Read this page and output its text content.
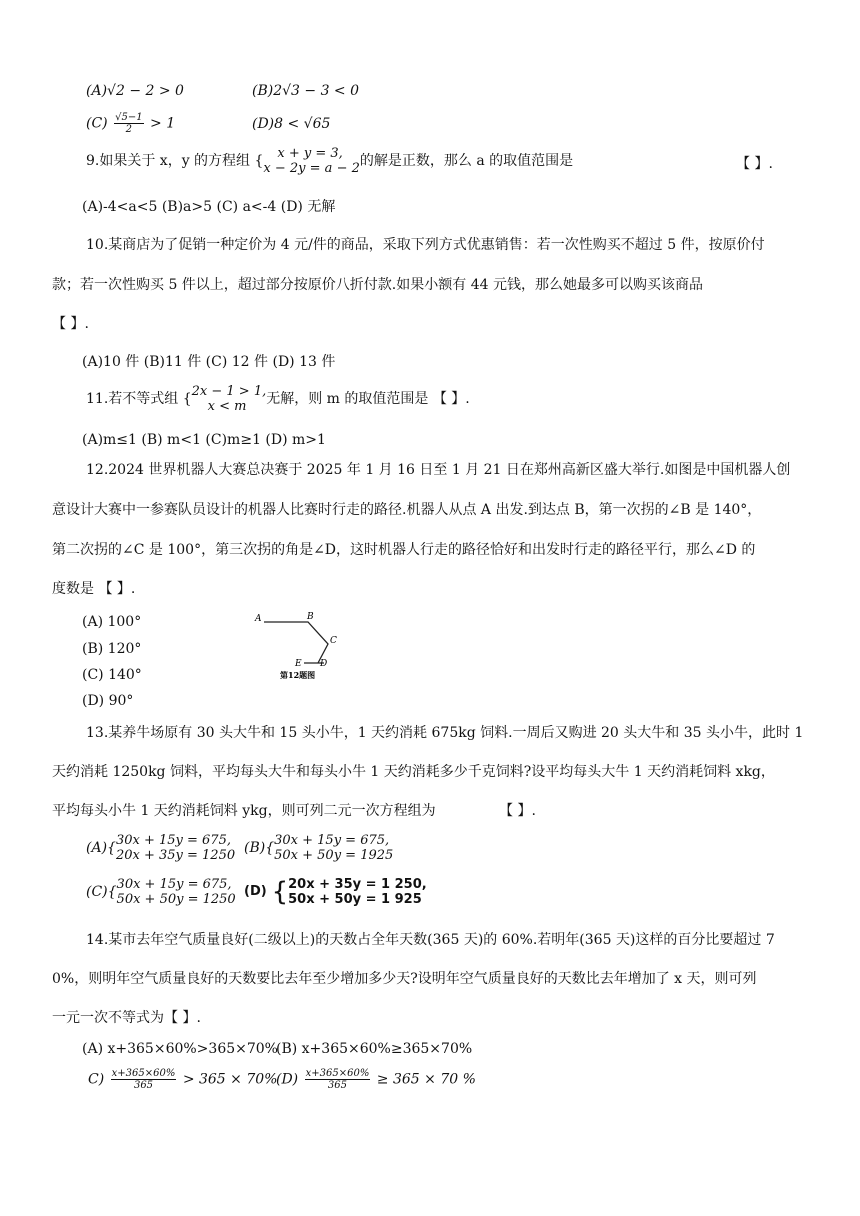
(A)√2 − 2 > 0	(B)2√3 − 3 < 0
$(C) \frac{√5-1}{2} > 1$	(D)8 < √65
9.如果关于 x，y 的方程组 {	x + y = 3,
x − 2y = a − 2 的解是正数，那么 a 的取值范围是	【 】.
(A)-4<a<5 (B)a>5 (C) a<-4 (D) 无解
10.某商店为了促销一种定价为 4 元/件的商品，采取下列方式优惠销售：若一次性购买不超过 5 件，按原价付
款；若一次性购买 5 件以上，超过部分按原价八折付款.如果小额有 44 元钱，那么她最多可以购买该商品
【 】.
(A)10 件 (B)11 件 (C) 12 件 (D) 13 件
11.若不等式组 { 2x − 1 > 1,
x < m	无解，则 m 的取值范围是 【 】.
(A)m≤1 (B) m<1 (C)m≥1 (D) m>1
12.2024 世界机器人大赛总决赛于 2025 年 1 月 16 日至 1 月 21 日在郑州高新区盛大举行.如图是中国机器人创
意设计大赛中一参赛队员设计的机器人比赛时行走的路径.机器人从点 A 出发.到达点 B，第一次拐的∠B 是 140°，
第二次拐的∠C 是 100°，第三次拐的角是∠D，这时机器人行走的路径恰好和出发时行走的路径平行，那么∠D 的
度数是 【 】.
(A) 100°
(B) 120°
(C) 140°
(D) 90°
A	B
C
E D
第12题图
13.某养牛场原有 30 头大牛和 15 头小牛，1 天约消耗 675kg 饲料.一周后又购进 20 头大牛和 35 头小牛，此时 1
天约消耗 1250kg 饲料，平均每头大牛和每头小牛 1 天约消耗多少千克饲料?设平均每头大牛 1 天约消耗饲料 xkg，
平均每头小牛 1 天约消耗饲料 ykg，则可列二元一次方程组为	【 】.
(A){ 30x + 15y = 675,
20x + 35y = 1250 (B){ 30x + 15y = 675,
50x + 50y = 1925
(C){ 30x + 15y = 675,
50x + 50y = 1250
(D) { 20x + 35y = 1 250,
50x + 50y = 1 925
14.某市去年空气质量良好(二级以上)的天数占全年天数(365 天)的 60%.若明年(365 天)这样的百分比要超过 7
0%，则明年空气质量良好的天数要比去年至少增加多少天?设明年空气质量良好的天数比去年增加了 x 天，则可列
一元一次不等式为【 】.
(A) x+365×60%>365×70%
(B) x+365×60%≥365×70%
$C) \frac{x+365\times 60\%}{365} > 365 \times 70\%$
$(D) \frac{x+365\times 60\%}{365} \ge 365 \times 70$ %
